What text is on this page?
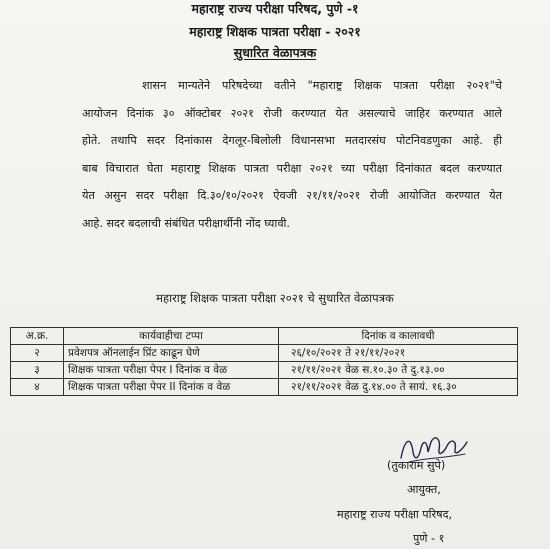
महाराष्ट्र राज्य परीक्षा परिषद, पुणे -१
महाराष्ट्र शिक्षक पात्रता परीक्षा - २०२१
सुधारित वेळापत्रक
शासन मान्यतेने परिषदेच्या वतीने "महाराष्ट्र शिक्षक पात्रता परीक्षा २०२१"चे
आयोजन दिनांक ३० ऑक्टोबर २०२१ रोजी करण्यात येत असल्याचे जाहिर करण्यात आले
होते. तथापि सदर दिनांकास देगलूर-बिलोली विधानसभा मतदारसंघ पोटनिवडणुका आहे. ही
बाब विचारात घेता महाराष्ट्र शिक्षक पात्रता परीक्षा २०२१ च्या परीक्षा दिनांकात बदल करण्यात
येत असुन सदर परीक्षा दि.३०/१०/२०२१ ऐवजी २१/११/२०२१ रोजी आयोजित करण्यात येत
आहे. सदर बदलाची संबंधित परीक्षार्थीनी नोंद घ्यावी.
महाराष्ट्र शिक्षक पात्रता परीक्षा २०२१ चे सुधारित वेळापत्रक
अ.क्र.	कार्यवाहीचा टप्पा	दिनांक व कालावधी
२	प्रवेशपत्र ऑनलाईन प्रिंट काढून घेणे	२६/१०/२०२१ ते २१/११/२०२१
३	शिक्षक पात्रता परीक्षा पेपर I दिनांक व वेळ	२१/११/२०२१ वेळ स.१०.३० ते दु.१३.००
४	शिक्षक पात्रता परीक्षा पेपर II दिनांक व वेळ	२१/११/२०२१ वेळ दु.१४.०० ते सायं. १६.३०
(तुकाराम सुपे)
आयुक्त,
महाराष्ट्र राज्य परीक्षा परिषद,
पुणे - १
